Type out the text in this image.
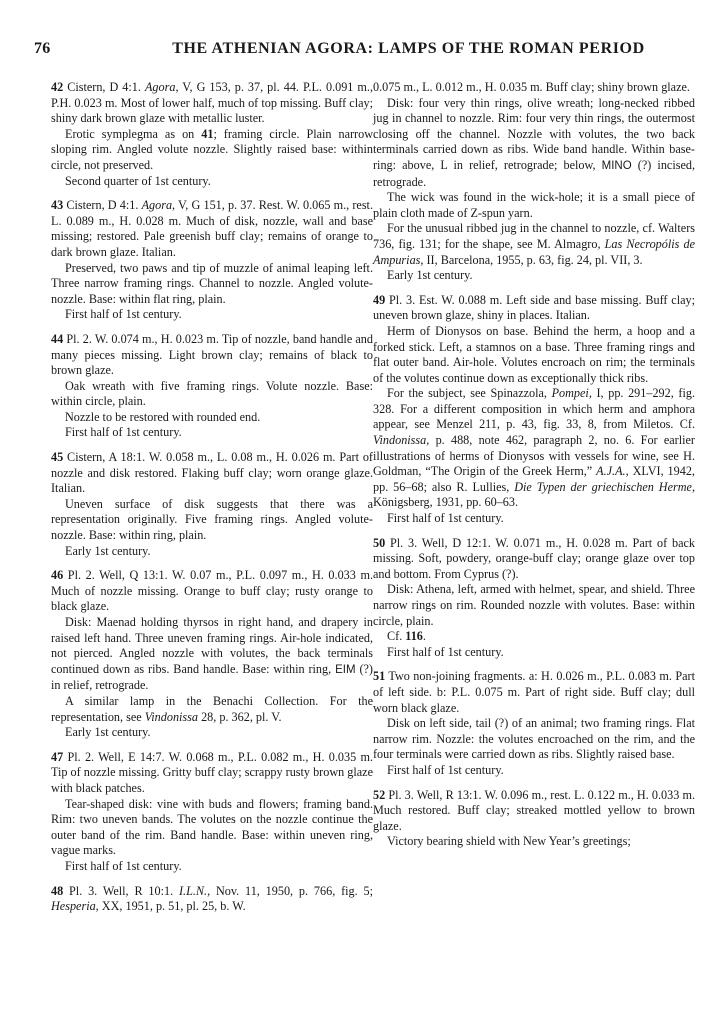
76	THE ATHENIAN AGORA: LAMPS OF THE ROMAN PERIOD

42 Cistern, D 4:1. Agora, V, G 153, p. 37, pl. 44. P.L. 0.091 m., P.H. 0.023 m. Most of lower half, much of top missing. Buff clay; shiny dark brown glaze with metallic luster.

Erotic symplegma as on 41; framing circle. Plain narrow sloping rim. Angled volute nozzle. Slightly raised base: within circle, not preserved.

Second quarter of 1st century.

43 Cistern, D 4:1. Agora, V, G 151, p. 37. Rest. W. 0.065 m., rest. L. 0.089 m., H. 0.028 m. Much of disk, nozzle, wall and base missing; restored. Pale greenish buff clay; remains of orange to dark brown glaze. Italian.

Preserved, two paws and tip of muzzle of animal leaping left. Three narrow framing rings. Channel to nozzle. Angled volute-nozzle. Base: within flat ring, plain.

First half of 1st century.

44 Pl. 2. W. 0.074 m., H. 0.023 m. Tip of nozzle, band handle and many pieces missing. Light brown clay; remains of black to brown glaze.

Oak wreath with five framing rings. Volute nozzle. Base: within circle, plain.

Nozzle to be restored with rounded end.

First half of 1st century.

45 Cistern, A 18:1. W. 0.058 m., L. 0.08 m., H. 0.026 m. Part of nozzle and disk restored. Flaking buff clay; worn orange glaze. Italian.

Uneven surface of disk suggests that there was a representation originally. Five framing rings. Angled volute-nozzle. Base: within ring, plain.

Early 1st century.

46 Pl. 2. Well, Q 13:1. W. 0.07 m., P.L. 0.097 m., H. 0.033 m. Much of nozzle missing. Orange to buff clay; rusty orange to black glaze.

Disk: Maenad holding thyrsos in right hand, and drapery in raised left hand. Three uneven framing rings. Air-hole indicated, not pierced. Angled nozzle with volutes, the back terminals continued down as ribs. Band handle. Base: within ring, EIM (?) in relief, retrograde.

A similar lamp in the Benachi Collection. For the representation, see Vindonissa 28, p. 362, pl. V.

Early 1st century.

47 Pl. 2. Well, E 14:7. W. 0.068 m., P.L. 0.082 m., H. 0.035 m. Tip of nozzle missing. Gritty buff clay; scrappy rusty brown glaze with black patches.

Tear-shaped disk: vine with buds and flowers; framing band. Rim: two uneven bands. The volutes on the nozzle continue the outer band of the rim. Band handle. Base: within uneven ring, vague marks.

First half of 1st century.

48 Pl. 3. Well, R 10:1. I.L.N., Nov. 11, 1950, p. 766, fig. 5; Hesperia, XX, 1951, p. 51, pl. 25, b. W.

0.075 m., L. 0.012 m., H. 0.035 m. Buff clay; shiny brown glaze.

Disk: four very thin rings, olive wreath; long-necked ribbed jug in channel to nozzle. Rim: four very thin rings, the outermost closing off the channel. Nozzle with volutes, the two back terminals carried down as ribs. Wide band handle. Within base-ring: above, L in relief, retrograde; below, MINO (?) incised, retrograde.

The wick was found in the wick-hole; it is a small piece of plain cloth made of Z-spun yarn.

For the unusual ribbed jug in the channel to nozzle, cf. Walters 736, fig. 131; for the shape, see M. Almagro, Las Necropólis de Ampurias, II, Barcelona, 1955, p. 63, fig. 24, pl. VII, 3.

Early 1st century.

49 Pl. 3. Est. W. 0.088 m. Left side and base missing. Buff clay; uneven brown glaze, shiny in places. Italian.

Herm of Dionysos on base. Behind the herm, a hoop and a forked stick. Left, a stamnos on a base. Three framing rings and flat outer band. Air-hole. Volutes encroach on rim; the terminals of the volutes continue down as exceptionally thick ribs.

For the subject, see Spinazzola, Pompei, I, pp. 291–292, fig. 328. For a different composition in which herm and amphora appear, see Menzel 211, p. 43, fig. 33, 8, from Miletos. Cf. Vindonissa, p. 488, note 462, paragraph 2, no. 6. For earlier illustrations of herms of Dionysos with vessels for wine, see H. Goldman, “The Origin of the Greek Herm,” A.J.A., XLVI, 1942, pp. 56–68; also R. Lullies, Die Typen der griechischen Herme, Königsberg, 1931, pp. 60–63.

First half of 1st century.

50 Pl. 3. Well, D 12:1. W. 0.071 m., H. 0.028 m. Part of back missing. Soft, powdery, orange-buff clay; orange glaze over top and bottom. From Cyprus (?).

Disk: Athena, left, armed with helmet, spear, and shield. Three narrow rings on rim. Rounded nozzle with volutes. Base: within circle, plain.

Cf. 116.

First half of 1st century.

51 Two non-joining fragments. a: H. 0.026 m., P.L. 0.083 m. Part of left side. b: P.L. 0.075 m. Part of right side. Buff clay; dull worn black glaze.

Disk on left side, tail (?) of an animal; two framing rings. Flat narrow rim. Nozzle: the volutes encroached on the rim, and the four terminals were carried down as ribs. Slightly raised base.

First half of 1st century.

52 Pl. 3. Well, R 13:1. W. 0.096 m., rest. L. 0.122 m., H. 0.033 m. Much restored. Buff clay; streaked mottled yellow to brown glaze.

Victory bearing shield with New Year’s greetings;
